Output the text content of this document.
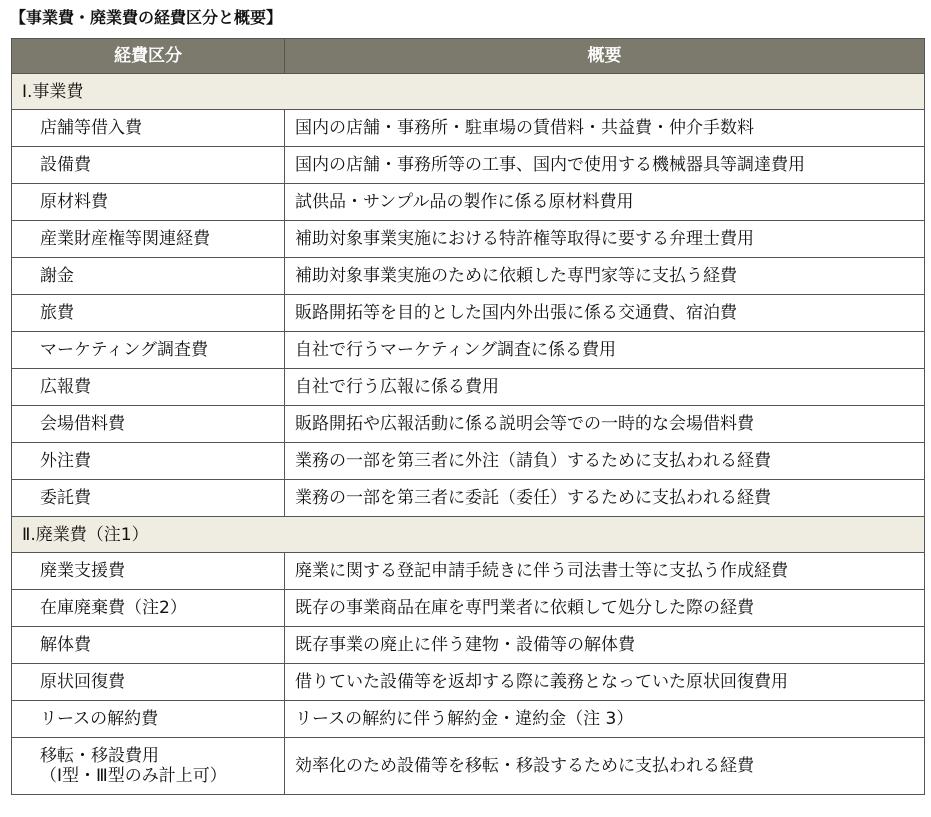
【事業費・廃業費の経費区分と概要】
経費区分	概要
Ⅰ.事業費	
店舗等借入費	国内の店舗・事務所・駐車場の賃借料・共益費・仲介手数料
設備費	国内の店舗・事務所等の工事、国内で使用する機械器具等調達費用
原材料費	試供品・サンプル品の製作に係る原材料費用
産業財産権等関連経費	補助対象事業実施における特許権等取得に要する弁理士費用
謝金	補助対象事業実施のために依頼した専門家等に支払う経費
旅費	販路開拓等を目的とした国内外出張に係る交通費、宿泊費
マーケティング調査費	自社で行うマーケティング調査に係る費用
広報費	自社で行う広報に係る費用
会場借料費	販路開拓や広報活動に係る説明会等での一時的な会場借料費
外注費	業務の一部を第三者に外注（請負）するために支払われる経費
委託費	業務の一部を第三者に委託（委任）するために支払われる経費
Ⅱ.廃業費（注1）	
廃業支援費	廃業に関する登記申請手続きに伴う司法書士等に支払う作成経費
在庫廃棄費（注2）	既存の事業商品在庫を専門業者に依頼して処分した際の経費
解体費	既存事業の廃止に伴う建物・設備等の解体費
原状回復費	借りていた設備等を返却する際に義務となっていた原状回復費用
リースの解約費	リースの解約に伴う解約金・違約金（注 3）
移転・移設費用
（Ⅰ型・Ⅲ型のみ計上可）	効率化のため設備等を移転・移設するために支払われる経費
